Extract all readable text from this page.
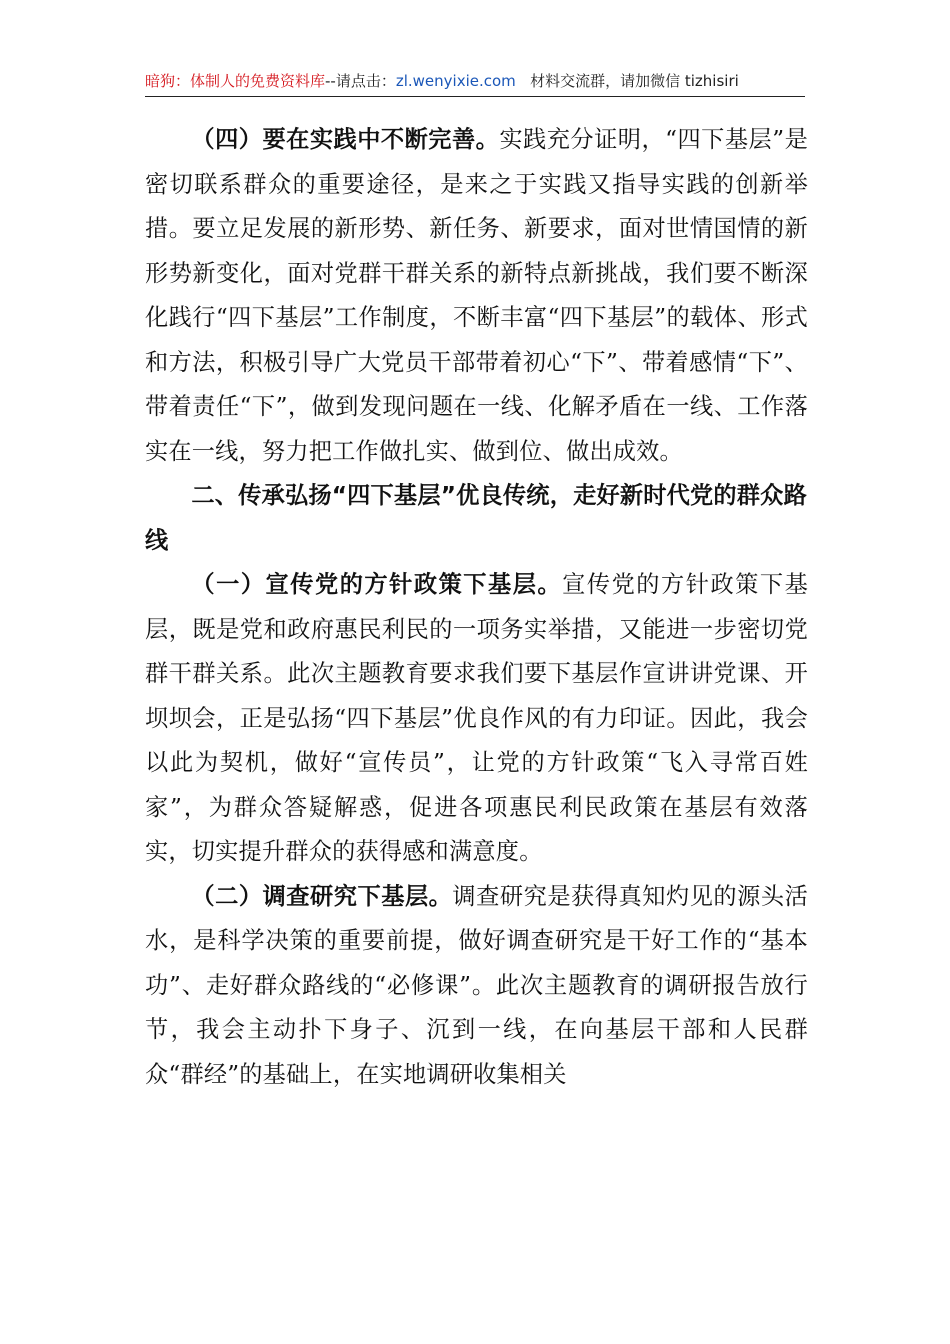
暗狗：体制人的免费资料库--请点击：zl.wenyixie.com 材料交流群，请加微信 tizhisiri

（四）要在实践中不断完善。实践充分证明，“四下基层”是密切联系群众的重要途径，是来之于实践又指导实践的创新举措。要立足发展的新形势、新任务、新要求，面对世情国情的新形势新变化，面对党群干群关系的新特点新挑战，我们要不断深化践行“四下基层”工作制度，不断丰富“四下基层”的载体、形式和方法，积极引导广大党员干部带着初心“下”、带着感情“下”、带着责任“下”，做到发现问题在一线、化解矛盾在一线、工作落实在一线，努力把工作做扎实、做到位、做出成效。

二、传承弘扬“四下基层”优良传统，走好新时代党的群众路线

（一）宣传党的方针政策下基层。宣传党的方针政策下基层，既是党和政府惠民利民的一项务实举措，又能进一步密切党群干群关系。此次主题教育要求我们要下基层作宣讲讲党课、开坝坝会，正是弘扬“四下基层”优良作风的有力印证。因此，我会以此为契机，做好“宣传员”，让党的方针政策“飞入寻常百姓家”，为群众答疑解惑，促进各项惠民利民政策在基层有效落实，切实提升群众的获得感和满意度。

（二）调查研究下基层。调查研究是获得真知灼见的源头活水，是科学决策的重要前提，做好调查研究是干好工作的“基本功”、走好群众路线的“必修课”。此次主题教育的调研报告放行节，我会主动扑下身子、沉到一线，在向基层干部和人民群众“群经”的基础上，在实地调研收集相关
